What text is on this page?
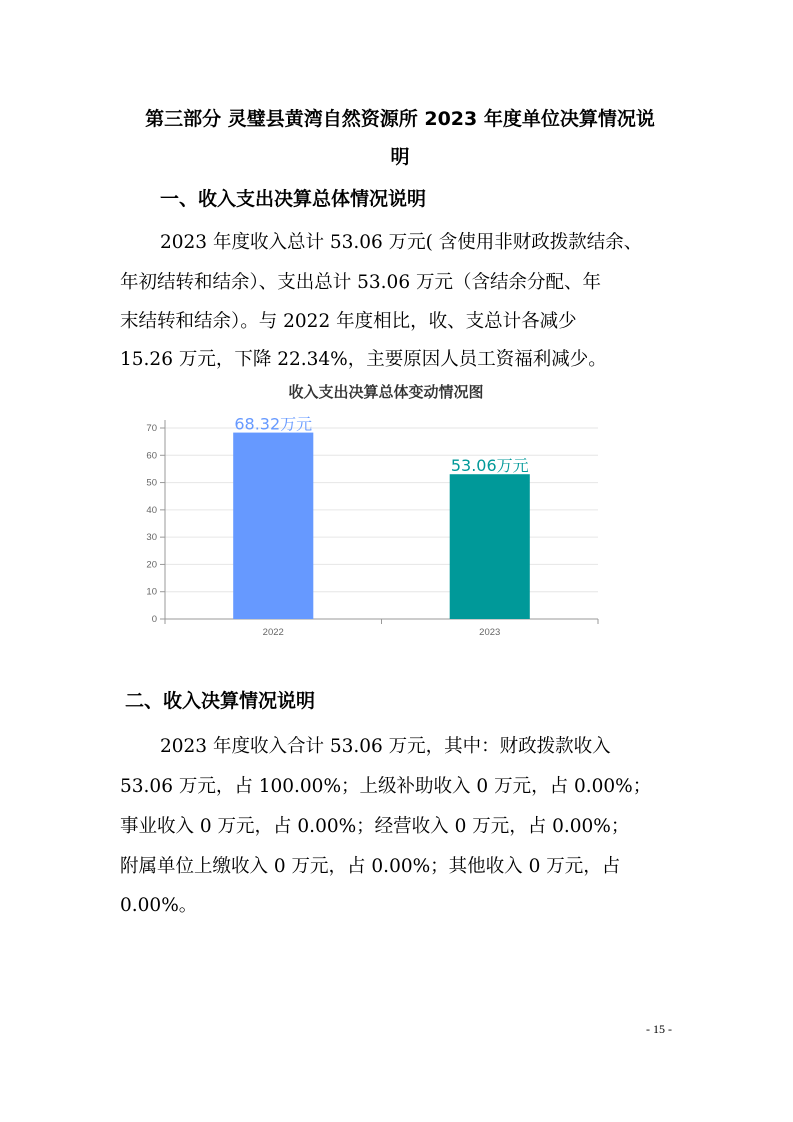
第三部分 灵璧县黄湾自然资源所 2023 年度单位决算情况说
明
一、收入支出决算总体情况说明
2023 年度收入总计 53.06 万元( 含使用非财政拨款结余、
年初结转和结余）、支出总计 53.06 万元（含结余分配、年
末结转和结余）。与 2022 年度相比，收、支总计各减少
15.26 万元，下降 22.34%，主要原因人员工资福利减少。
收入支出决算总体变动情况图
0
10
20
30
40
50
60
70	68.32万元
2022
53.06万元
2023
二、收入决算情况说明
2023 年度收入合计 53.06 万元，其中：财政拨款收入
53.06 万元，占 100.00%；上级补助收入 0 万元，占 0.00%；
事业收入 0 万元，占 0.00%；经营收入 0 万元，占 0.00%；
附属单位上缴收入 0 万元，占 0.00%；其他收入 0 万元，占
0.00%。
- 15 -
